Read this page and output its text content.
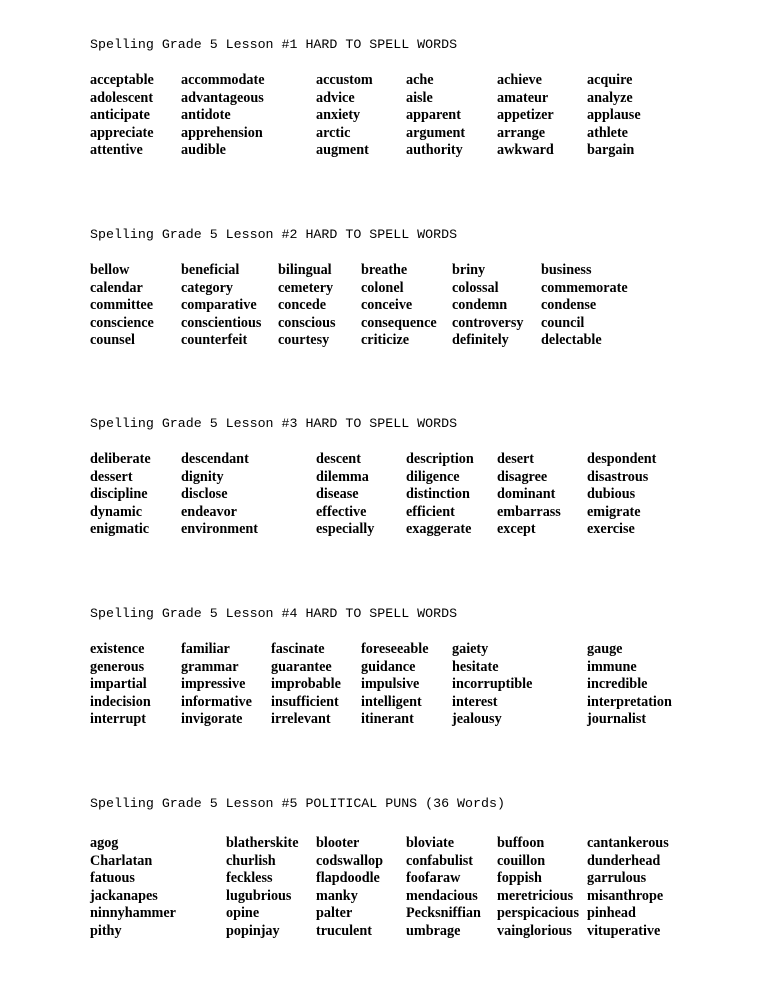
Spelling Grade 5 Lesson #1 HARD TO SPELL WORDS
acceptable
adolescent
anticipate
appreciate
attentive
accommodate
advantageous
antidote
apprehension
audible
accustom
advice
anxiety
arctic
augment
ache
aisle
apparent
argument
authority
achieve
amateur
appetizer
arrange
awkward
acquire
analyze
applause
athlete
bargain
Spelling Grade 5 Lesson #2 HARD TO SPELL WORDS
bellow
calendar
committee
conscience
counsel
beneficial
category
comparative
conscientious
counterfeit
bilingual
cemetery
concede
conscious
courtesy
breathe
colonel
conceive
consequence
criticize
briny
colossal
condemn
controversy
definitely
business
commemorate
condense
council
delectable
Spelling Grade 5 Lesson #3 HARD TO SPELL WORDS
deliberate
dessert
discipline
dynamic
enigmatic
descendant
dignity
disclose
endeavor
environment
descent
dilemma
disease
effective
especially
description
diligence
distinction
efficient
exaggerate
desert
disagree
dominant
embarrass
except
despondent
disastrous
dubious
emigrate
exercise
Spelling Grade 5 Lesson #4 HARD TO SPELL WORDS
existence
generous
impartial
indecision
interrupt
familiar
grammar
impressive
informative
invigorate
fascinate
guarantee
improbable
insufficient
irrelevant
foreseeable
guidance
impulsive
intelligent
itinerant
gaiety
hesitate
incorruptible
interest
jealousy
gauge
immune
incredible
interpretation
journalist
Spelling Grade 5 Lesson #5 POLITICAL PUNS (36 Words)
agog
Charlatan
fatuous
jackanapes
ninnyhammer
pithy
blatherskite
churlish
feckless
lugubrious
opine
popinjay
blooter
codswallop
flapdoodle
manky
palter
truculent
bloviate
confabulist
foofaraw
mendacious
Pecksniffian
umbrage
buffoon
couillon
foppish
meretricious
perspicacious
vainglorious
cantankerous
dunderhead
garrulous
misanthrope
pinhead
vituperative
